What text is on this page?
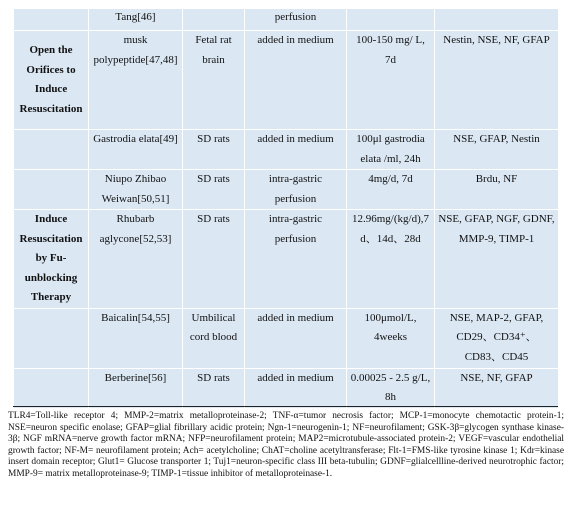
	Tang[46]		perfusion		
Open the Orifices to Induce Resuscitation	musk polypeptide[47,48]	Fetal rat brain	added in medium	100-150 mg/ L, 7d	Nestin, NSE, NF, GFAP
	Gastrodia elata[49]	SD rats	added in medium	100μl gastrodia elata /ml, 24h	NSE, GFAP, Nestin
	Niupo Zhibao Weiwan[50,51]	SD rats	intra-gastric perfusion	4mg/d, 7d	Brdu, NF
Induce Resuscitation by Fu-unblocking Therapy	Rhubarb aglycone[52,53]	SD rats	intra-gastric perfusion	12.96mg/(kg/d),7 d、14d、28d	NSE, GFAP, NGF, GDNF, MMP-9, TIMP-1
	Baicalin[54,55]	Umbilical cord blood	added in medium	100μmol/L, 4weeks	NSE, MAP-2, GFAP, CD29、CD34⁺、CD83、CD45
	Berberine[56]	SD rats	added in medium	0.00025 - 2.5 g/L, 8h	NSE, NF, GFAP
TLR4=Toll-like receptor 4; MMP-2=matrix metalloproteinase-2; TNF-α=tumor necrosis factor; MCP-1=monocyte chemotactic protein-1; NSE=neuron specific enolase; GFAP=glial fibrillary acidic protein; Ngn-1=neurogenin-1; NF=neurofilament; GSK-3β=glycogen synthase kinase-3β; NGF mRNA=nerve growth factor mRNA; NFP=neurofilament protein; MAP2=microtubule-associated protein-2; VEGF=vascular endothelial growth factor; NF-M= neurofilament protein; Ach= acetylcholine; ChAT=choline acetyltransferase; Flt-1=FMS-like tyrosine kinase 1; Kdr=kinase insert domain receptor; Glut1= Glucose transporter 1; Tuj1=neuron-specific class III beta-tubulin; GDNF=glialcellline-derived neurotrophic factor; MMP-9= matrix metalloproteinase-9; TIMP-1=tissue inhibitor of metalloproteinase-1.
